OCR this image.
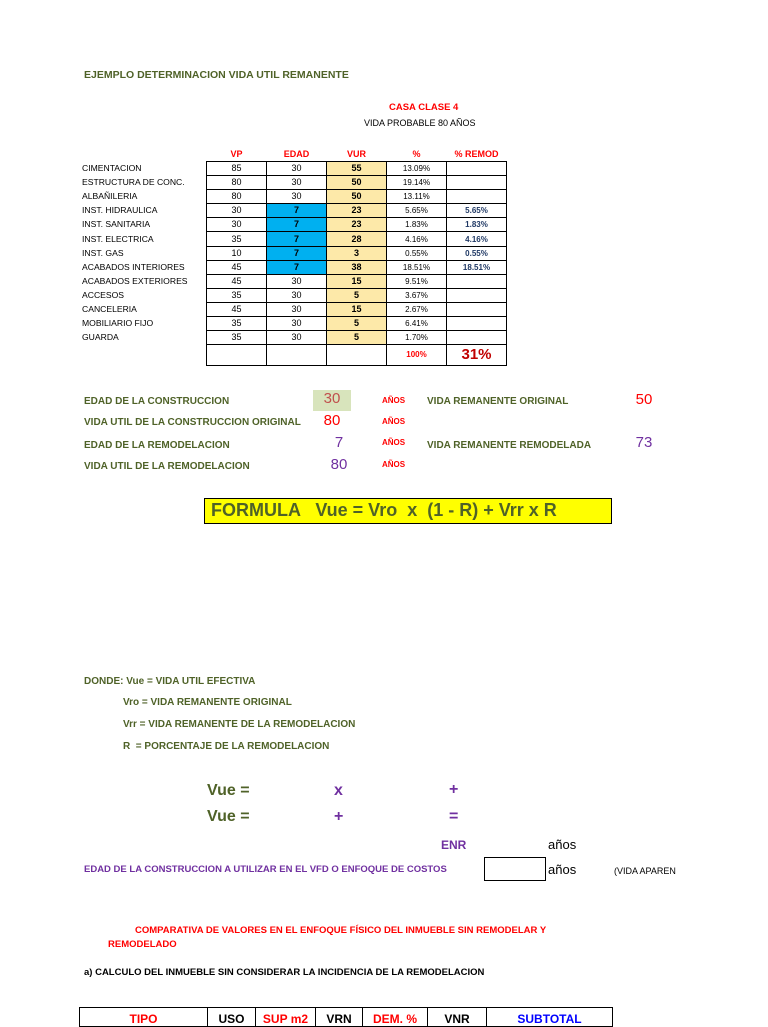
EJEMPLO DETERMINACION VIDA UTIL REMANENTE
CASA CLASE 4
VIDA PROBABLE 80 AÑOS
	VP	EDAD	VUR	%	% REMOD
CIMENTACION	85	30	55	13.09%	
ESTRUCTURA DE CONC.	80	30	50	19.14%	
ALBAÑILERIA	80	30	50	13.11%	
INST. HIDRAULICA	30	7	23	5.65%	5.65%
INST. SANITARIA	30	7	23	1.83%	1.83%
INST. ELECTRICA	35	7	28	4.16%	4.16%
INST. GAS	10	7	3	0.55%	0.55%
ACABADOS INTERIORES	45	7	38	18.51%	18.51%
ACABADOS EXTERIORES	45	30	15	9.51%	
ACCESOS	35	30	5	3.67%	
CANCELERIA	45	30	15	2.67%	
MOBILIARIO FIJO	35	30	5	6.41%	
GUARDA	35	30	5	1.70%	
				100%	31%
EDAD DE LA CONSTRUCCION	30	AÑOS
VIDA UTIL DE LA CONSTRUCCION ORIGINAL	80	AÑOS
EDAD DE LA REMODELACION	7	AÑOS
VIDA UTIL DE LA REMODELACION	80	AÑOS
VIDA REMANENTE ORIGINAL	50
VIDA REMANENTE REMODELADA	73
FORMULA   Vue = Vro  x  (1 - R) + Vrr x R
DONDE: Vue = VIDA UTIL EFECTIVA
Vro = VIDA REMANENTE ORIGINAL
Vrr = VIDA REMANENTE DE LA REMODELACION
R  = PORCENTAJE DE LA REMODELACION
Vue =	x	+
Vue =	+	=
ENR	años
EDAD DE LA CONSTRUCCION A UTILIZAR EN EL VFD O ENFOQUE DE COSTOS	años	(VIDA APAREN
COMPARATIVA DE VALORES EN EL ENFOQUE FÍSICO DEL INMUEBLE SIN REMODELAR Y
REMODELADO
a) CALCULO DEL INMUEBLE SIN CONSIDERAR LA INCIDENCIA DE LA REMODELACION
TIPO	USO	SUP m2	VRN	DEM. %	VNR	SUBTOTAL
